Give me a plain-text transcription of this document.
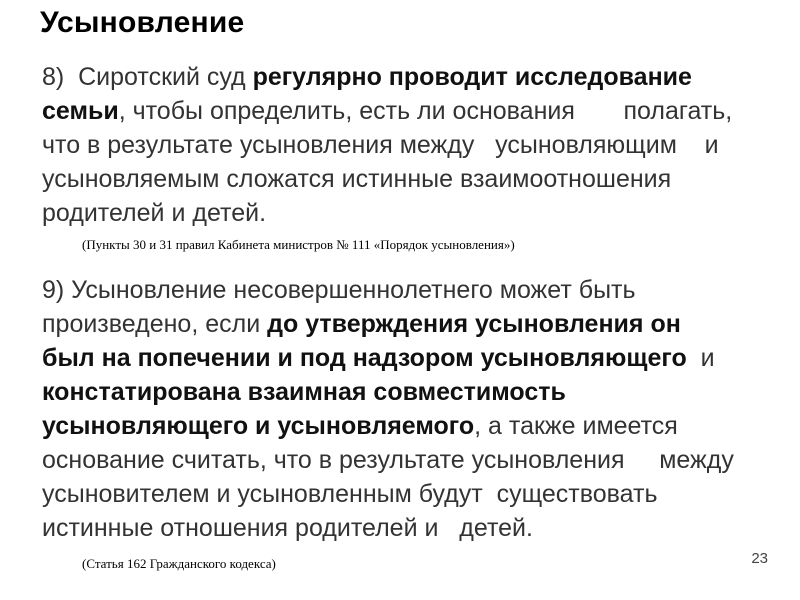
Усыновление
8)  Сиротский суд регулярно проводит исследование
семьи, чтобы определить, есть ли основания       полагать,
что в результате усыновления между   усыновляющим    и
усыновляемым сложатся истинные взаимоотношения
родителей и детей.
(Пункты 30 и 31 правил Кабинета министров № 111 «Порядок усыновления»)
9) Усыновление несовершеннолетнего может быть
произведено, если до утверждения усыновления он
был на попечении и под надзором усыновляющего  и
констатирована взаимная совместимость
усыновляющего и усыновляемого, а также имеется
основание считать, что в результате усыновления     между
усыновителем и усыновленным будут  существовать
истинные отношения родителей и   детей.
(Статья 162 Гражданского кодекса)	23
